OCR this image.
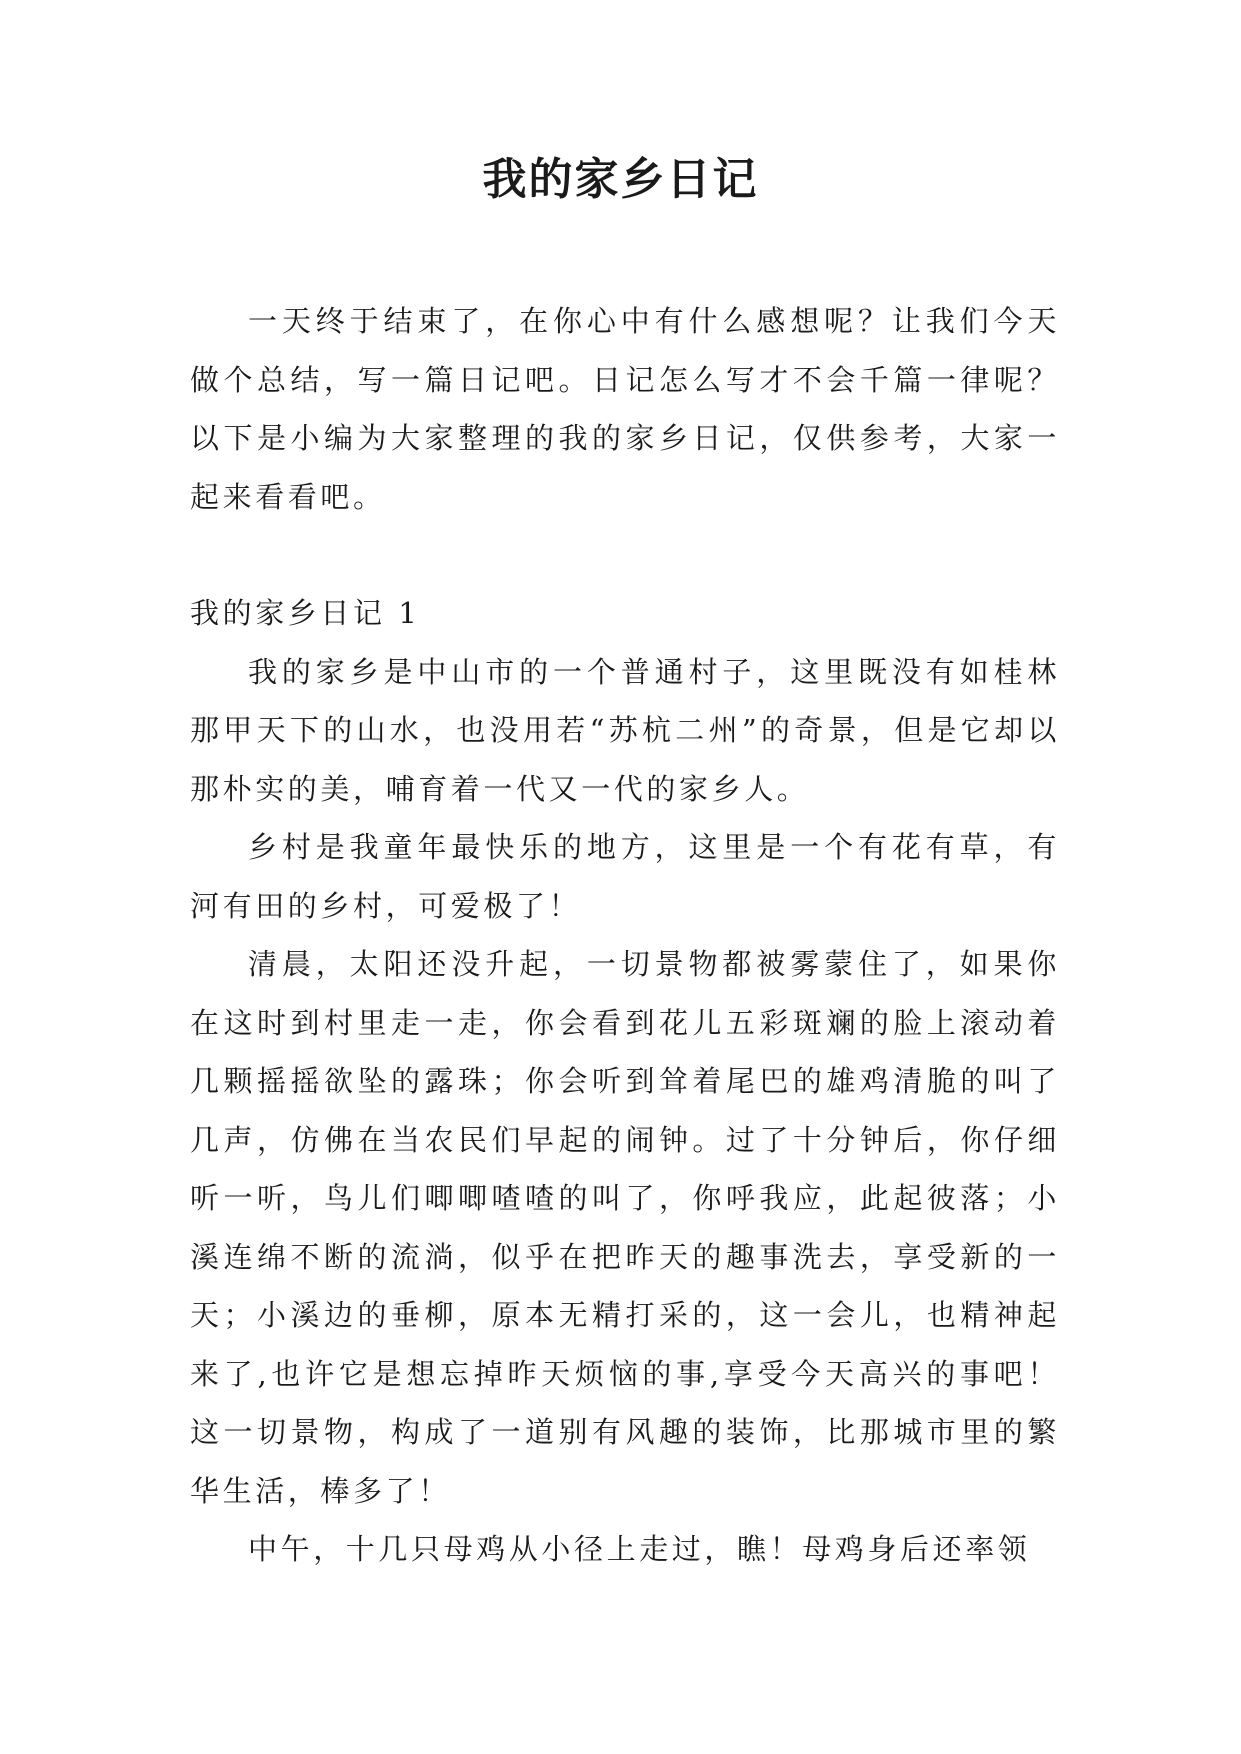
我的家乡日记

一天终于结束了，在你心中有什么感想呢？让我们今天做个总结，写一篇日记吧。日记怎么写才不会千篇一律呢？以下是小编为大家整理的我的家乡日记，仅供参考，大家一起来看看吧。

我的家乡日记 1

我的家乡是中山市的一个普通村子，这里既没有如桂林那甲天下的山水，也没用若“苏杭二州”的奇景，但是它却以那朴实的美，哺育着一代又一代的家乡人。

乡村是我童年最快乐的地方，这里是一个有花有草，有河有田的乡村，可爱极了！

清晨，太阳还没升起，一切景物都被雾蒙住了，如果你在这时到村里走一走，你会看到花儿五彩斑斓的脸上滚动着几颗摇摇欲坠的露珠；你会听到耸着尾巴的雄鸡清脆的叫了几声，仿佛在当农民们早起的闹钟。过了十分钟后，你仔细听一听，鸟儿们唧唧喳喳的叫了，你呼我应，此起彼落；小溪连绵不断的流淌，似乎在把昨天的趣事洗去，享受新的一天；小溪边的垂柳，原本无精打采的，这一会儿，也精神起来了,也许它是想忘掉昨天烦恼的事,享受今天高兴的事吧！这一切景物，构成了一道别有风趣的装饰，比那城市里的繁华生活，棒多了！

中午，十几只母鸡从小径上走过，瞧！母鸡身后还率领
